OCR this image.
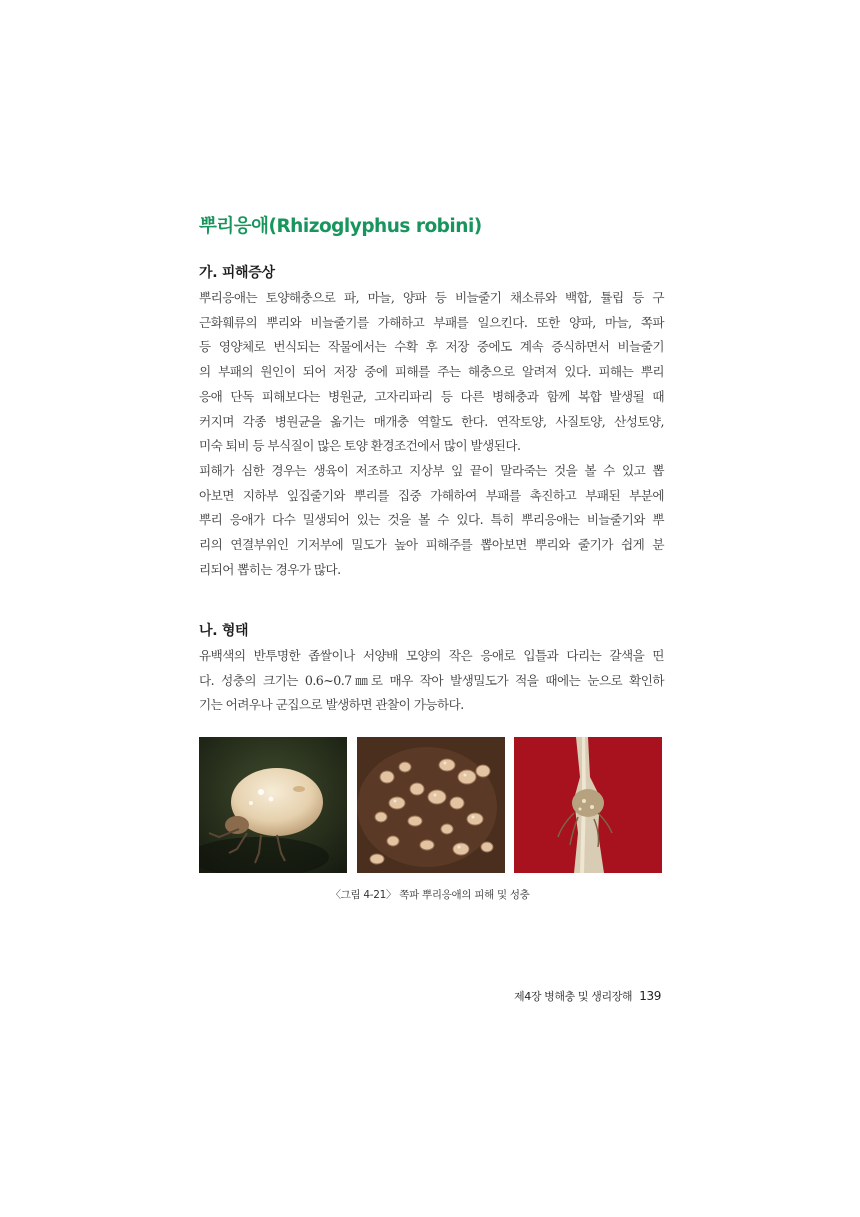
뿌리응애(Rhizoglyphus robini)
가. 피해증상

뿌리응애는 토양해충으로 파, 마늘, 양파 등 비늘줄기 채소류와 백합, 튤립 등 구
근화훼류의 뿌리와 비늘줄기를 가해하고 부패를 일으킨다. 또한 양파, 마늘, 쪽파
등 영양체로 번식되는 작물에서는 수확 후 저장 중에도 계속 증식하면서 비늘줄기
의 부패의 원인이 되어 저장 중에 피해를 주는 해충으로 알려져 있다. 피해는 뿌리
응애 단독 피해보다는 병원균, 고자리파리 등 다른 병해충과 함께 복합 발생될 때
커지며 각종 병원균을 옮기는 매개충 역할도 한다. 연작토양, 사질토양, 산성토양,
미숙 퇴비 등 부식질이 많은 토양 환경조건에서 많이 발생된다.

피해가 심한 경우는 생육이 저조하고 지상부 잎 끝이 말라죽는 것을 볼 수 있고 뽑
아보면 지하부 잎집줄기와 뿌리를 집중 가해하여 부패를 촉진하고 부패된 부분에
뿌리 응애가 다수 밀생되어 있는 것을 볼 수 있다. 특히 뿌리응애는 비늘줄기와 뿌
리의 연결부위인 기저부에 밀도가 높아 피해주를 뽑아보면 뿌리와 줄기가 쉽게 분
리되어 뽑히는 경우가 많다.

나. 형태

유백색의 반투명한 좁쌀이나 서양배 모양의 작은 응애로 입틀과 다리는 갈색을 띤
다. 성충의 크기는 0.6~0.7㎜로 매우 작아 발생밀도가 적을 때에는 눈으로 확인하
기는 어려우나 군집으로 발생하면 관찰이 가능하다.

〈그림 4-21〉 쪽파 뿌리응애의 피해 및 성충
제4장 병해충 및 생리장해 139
